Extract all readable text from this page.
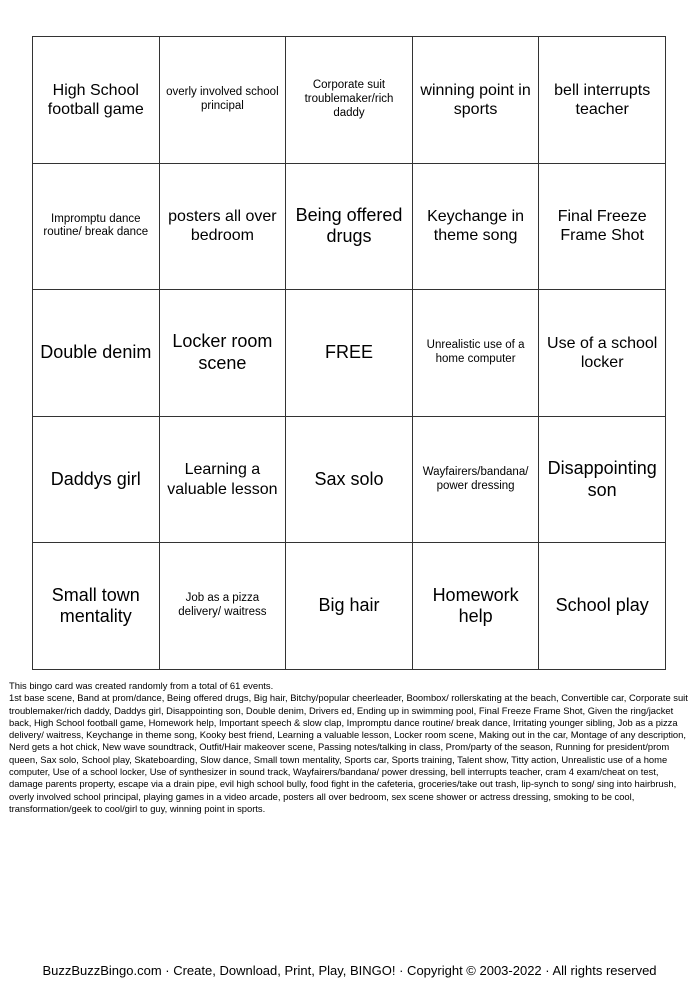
High School football game	overly involved school principal	Corporate suit troublemaker/rich daddy	winning point in sports	bell interrupts teacher
Impromptu dance routine/ break dance	posters all over bedroom	Being offered drugs	Keychange in theme song	Final Freeze Frame Shot
Double denim	Locker room scene	FREE	Unrealistic use of a home computer	Use of a school locker
Daddys girl	Learning a valuable lesson	Sax solo	Wayfairers/bandana/ power dressing	Disappointing son
Small town mentality	Job as a pizza delivery/ waitress	Big hair	Homework help	School play

This bingo card was created randomly from a total of 61 events.

1st base scene, Band at prom/dance, Being offered drugs, Big hair, Bitchy/popular cheerleader, Boombox/ rollerskating at the beach, Convertible car, Corporate suit troublemaker/rich daddy, Daddys girl, Disappointing son, Double denim, Drivers ed, Ending up in swimming pool, Final Freeze Frame Shot, Given the ring/jacket back, High School football game, Homework help, Important speech & slow clap, Impromptu dance routine/ break dance, Irritating younger sibling, Job as a pizza delivery/ waitress, Keychange in theme song, Kooky best friend, Learning a valuable lesson, Locker room scene, Making out in the car, Montage of any description, Nerd gets a hot chick, New wave soundtrack, Outfit/Hair makeover scene, Passing notes/talking in class, Prom/party of the season, Running for president/prom queen, Sax solo, School play, Skateboarding, Slow dance, Small town mentality, Sports car, Sports training, Talent show, Titty action, Unrealistic use of a home computer, Use of a school locker, Use of synthesizer in sound track, Wayfairers/bandana/ power dressing, bell interrupts teacher, cram 4 exam/cheat on test, damage parents property, escape via a drain pipe, evil high school bully, food fight in the cafeteria, groceries/take out trash, lip-synch to song/ sing into hairbrush, overly involved school principal, playing games in a video arcade, posters all over bedroom, sex scene shower or actress dressing, smoking to be cool, transformation/geek to cool/girl to guy, winning point in sports.

BuzzBuzzBingo.com · Create, Download, Print, Play, BINGO! · Copyright © 2003-2022 · All rights reserved
